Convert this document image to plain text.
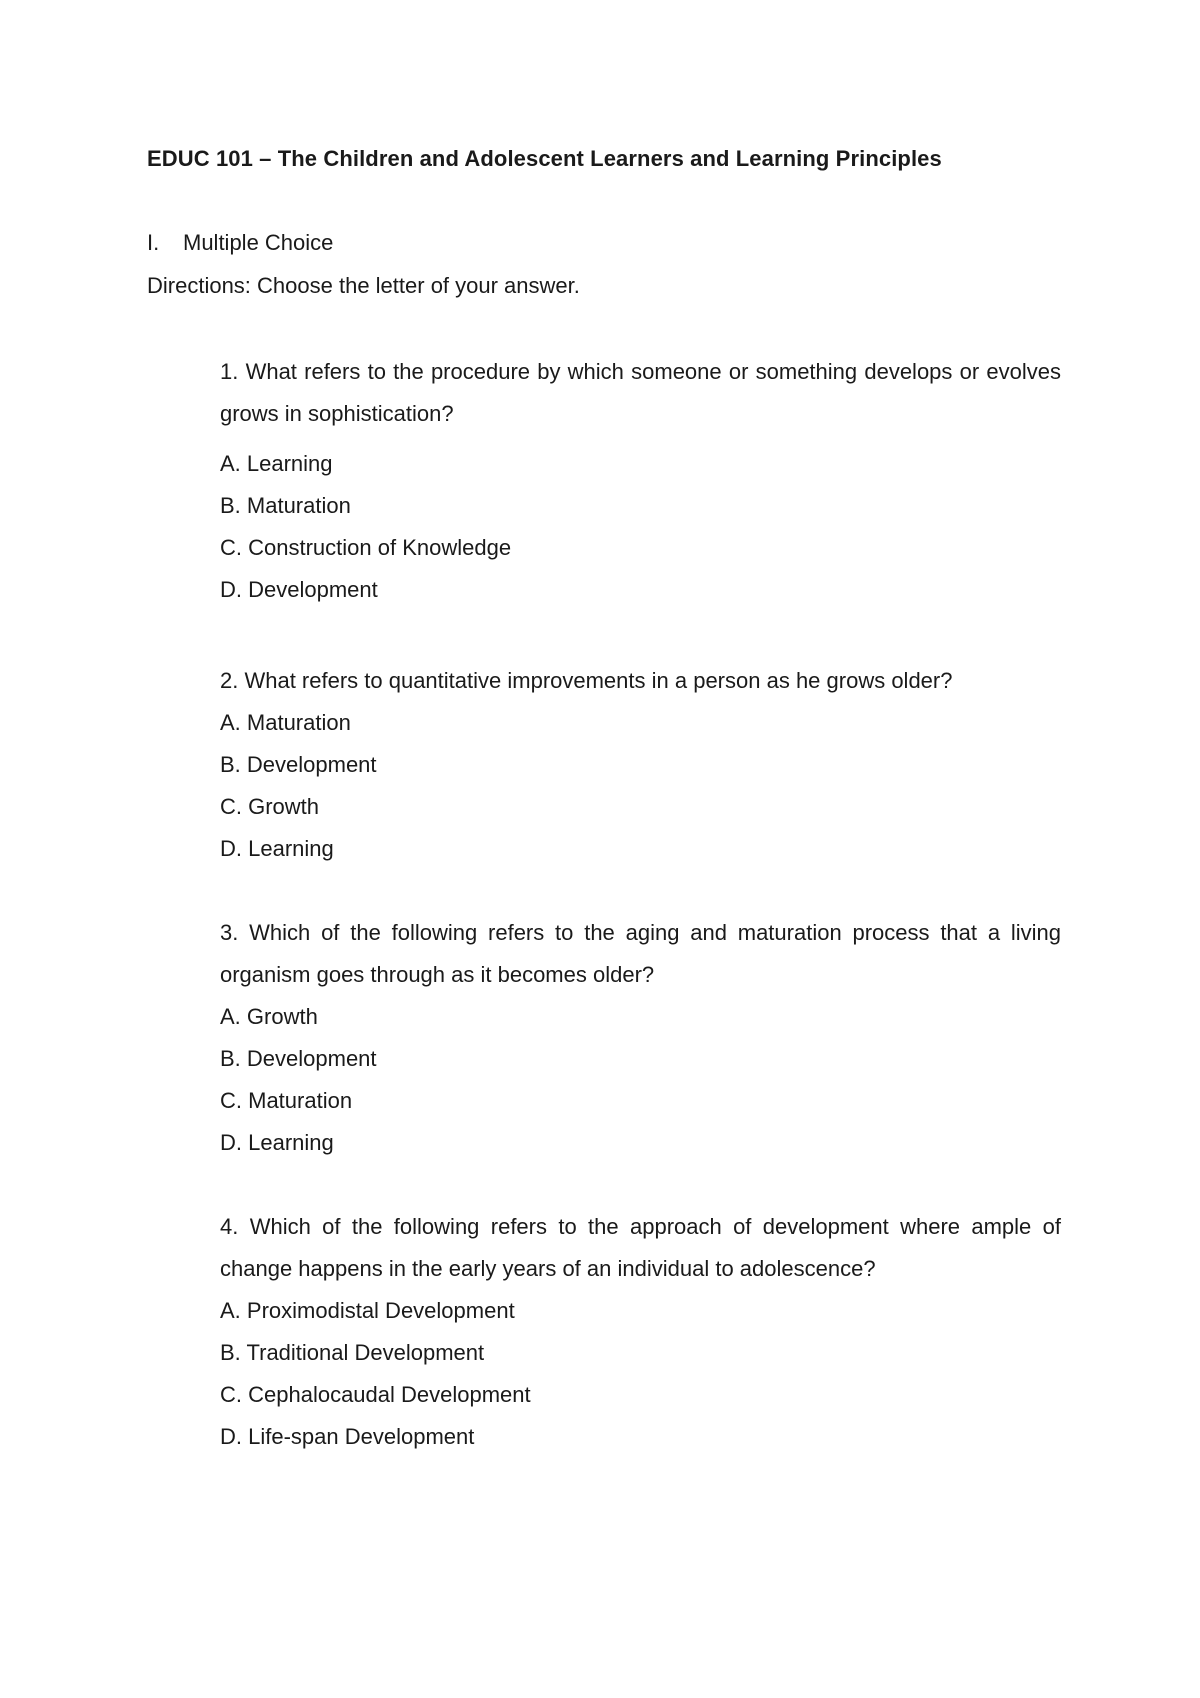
EDUC 101 – The Children and Adolescent Learners and Learning Principles
I. Multiple Choice
Directions: Choose the letter of your answer.

1. What refers to the procedure by which someone or something develops or evolves grows in sophistication?

A. Learning
B. Maturation
C. Construction of Knowledge
D. Development

2. What refers to quantitative improvements in a person as he grows older?

A. Maturation
B. Development
C. Growth
D. Learning

3. Which of the following refers to the aging and maturation process that a living organism goes through as it becomes older?

A. Growth
B. Development
C. Maturation
D. Learning

4. Which of the following refers to the approach of development where ample of change happens in the early years of an individual to adolescence?

A. Proximodistal Development
B. Traditional Development
C. Cephalocaudal Development
D. Life-span Development
